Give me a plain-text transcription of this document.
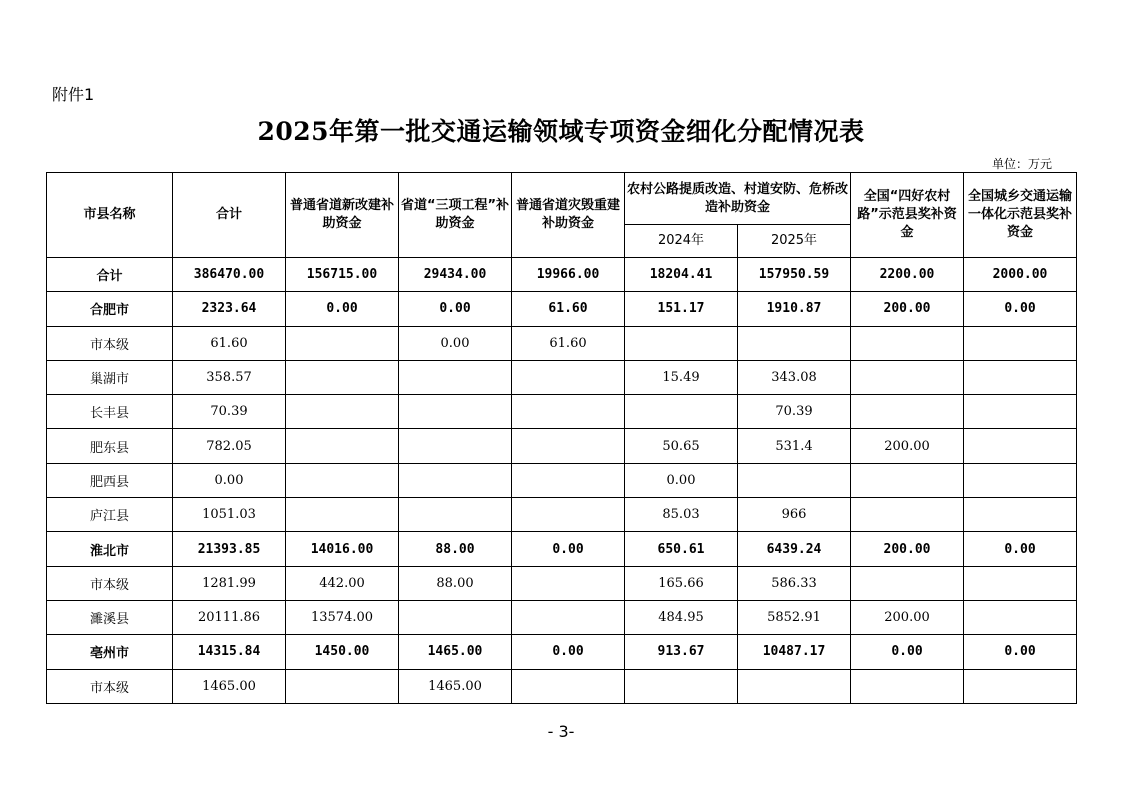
附件1
2025年第一批交通运输领域专项资金细化分配情况表
单位：万元
市县名称	合计	普通省道新改建补助资金	省道“三项工程”补助资金	普通省道灾毁重建补助资金	农村公路提质改造、村道安防、危桥改造补助资金		全国“四好农村路”示范县奖补资金	全国城乡交通运输一体化示范县奖补资金
					2024年	2025年		
合计	386470.00	156715.00	29434.00	19966.00	18204.41	157950.59	2200.00	2000.00
合肥市	2323.64	0.00	0.00	61.60	151.17	1910.87	200.00	0.00
市本级	61.60		0.00	61.60				
巢湖市	358.57				15.49	343.08		
长丰县	70.39					70.39		
肥东县	782.05				50.65	531.4	200.00	
肥西县	0.00				0.00			
庐江县	1051.03				85.03	966		
淮北市	21393.85	14016.00	88.00	0.00	650.61	6439.24	200.00	0.00
市本级	1281.99	442.00	88.00		165.66	586.33		
濉溪县	20111.86	13574.00			484.95	5852.91	200.00	
亳州市	14315.84	1450.00	1465.00	0.00	913.67	10487.17	0.00	0.00
市本级	1465.00		1465.00					
- 3-
